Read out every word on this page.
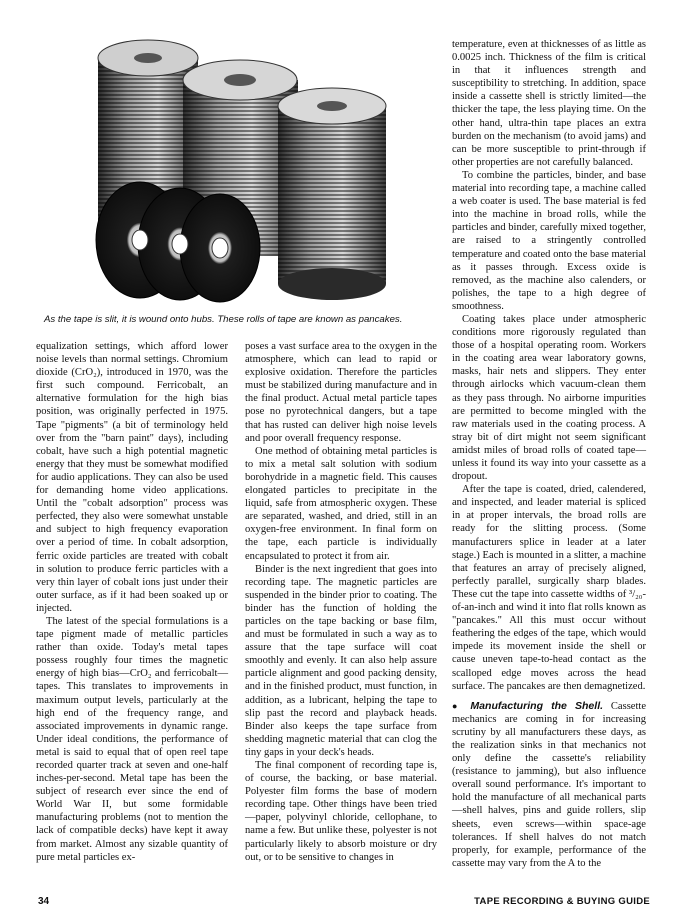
As the tape is slit, it is wound onto hubs. These rolls of tape are known as pancakes.

equalization settings, which afford lower noise levels than normal settings. Chromium dioxide (CrO₂), introduced in 1970, was the first such compound. Ferricobalt, an alternative formulation for the high bias position, was originally perfected in 1975. Tape "pigments" (a bit of terminology held over from the "barn paint" days), including cobalt, have such a high potential magnetic energy that they must be somewhat modified for audio applications. They can also be used for demanding home video applications. Until the "cobalt adsorption" process was perfected, they also were somewhat unstable and subject to high frequency evaporation over a period of time. In cobalt adsorption, ferric oxide particles are treated with cobalt in solution to produce ferric particles with a very thin layer of cobalt ions just under their outer surface, as if it had been soaked up or injected.

The latest of the special formulations is a tape pigment made of metallic particles rather than oxide. Today's metal tapes possess roughly four times the magnetic energy of high bias—CrO₂ and ferricobalt—tapes. This translates to improvements in maximum output levels, particularly at the high end of the frequency range, and associated improvements in dynamic range. Under ideal conditions, the performance of metal is said to equal that of open reel tape recorded quarter track at seven and one-half inches-per-second. Metal tape has been the subject of research ever since the end of World War II, but some formidable manufacturing problems (not to mention the lack of compatible decks) have kept it away from market. Almost any sizable quantity of pure metal particles ex-

poses a vast surface area to the oxygen in the atmosphere, which can lead to rapid or explosive oxidation. Therefore the particles must be stabilized during manufacture and in the final product. Actual metal particle tapes pose no pyrotechnical dangers, but a tape that has rusted can deliver high noise levels and poor overall frequency response.

One method of obtaining metal particles is to mix a metal salt solution with sodium borohydride in a magnetic field. This causes elongated particles to precipitate in the liquid, safe from atmospheric oxygen. These are separated, washed, and dried, still in an oxygen-free environment. In final form on the tape, each particle is individually encapsulated to protect it from air.

Binder is the next ingredient that goes into recording tape. The magnetic particles are suspended in the binder prior to coating. The binder has the function of holding the particles on the tape backing or base film, and must be formulated in such a way as to assure that the tape surface will coat smoothly and evenly. It can also help assure particle alignment and good packing density, and in the finished product, must function, in addition, as a lubricant, helping the tape to slip past the record and playback heads. Binder also keeps the tape surface from shedding magnetic material that can clog the tiny gaps in your deck's heads.

The final component of recording tape is, of course, the backing, or base material. Polyester film forms the base of modern recording tape. Other things have been tried—paper, polyvinyl chloride, cellophane, to name a few. But unlike these, polyester is not particularly likely to absorb moisture or dry out, or to be sensitive to changes in

temperature, even at thicknesses of as little as 0.0025 inch. Thickness of the film is critical in that it influences strength and susceptibility to stretching. In addition, space inside a cassette shell is strictly limited—the thicker the tape, the less playing time. On the other hand, ultra-thin tape places an extra burden on the mechanism (to avoid jams) and can be more susceptible to print-through if other properties are not carefully balanced.

To combine the particles, binder, and base material into recording tape, a machine called a web coater is used. The base material is fed into the machine in broad rolls, while the particles and binder, carefully mixed together, are raised to a stringently controlled temperature and coated onto the base material as it passes through. Excess oxide is removed, as the machine also calenders, or polishes, the tape to a high degree of smoothness.

Coating takes place under atmospheric conditions more rigorously regulated than those of a hospital operating room. Workers in the coating area wear laboratory gowns, masks, hair nets and slippers. They enter through airlocks which vacuum-clean them as they pass through. No airborne impurities are permitted to become mingled with the raw materials used in the coating process. A stray bit of dirt might not seem significant amidst miles of broad rolls of coated tape—unless it found its way into your cassette as a dropout.

After the tape is coated, dried, calendered, and inspected, and leader material is spliced in at proper intervals, the broad rolls are ready for the slitting process. (Some manufacturers splice in leader at a later stage.) Each is mounted in a slitter, a machine that features an array of precisely aligned, perfectly parallel, surgically sharp blades. These cut the tape into cassette widths of ³/₂₀-of-an-inch and wind it into flat rolls known as "pancakes." All this must occur without feathering the edges of the tape, which would impede its movement inside the shell or cause uneven tape-to-head contact as the scalloped edge moves across the head surface. The pancakes are then demagnetized.

● Manufacturing the Shell. Cassette mechanics are coming in for increasing scrutiny by all manufacturers these days, as the realization sinks in that mechanics not only define the cassette's reliability (resistance to jamming), but also influence overall sound performance. It's important to hold the manufacture of all mechanical parts—shell halves, pins and guide rollers, slip sheets, even screws—within space-age tolerances. If shell halves do not match properly, for example, performance of the cassette may vary from the A to the

34	TAPE RECORDING & BUYING GUIDE
